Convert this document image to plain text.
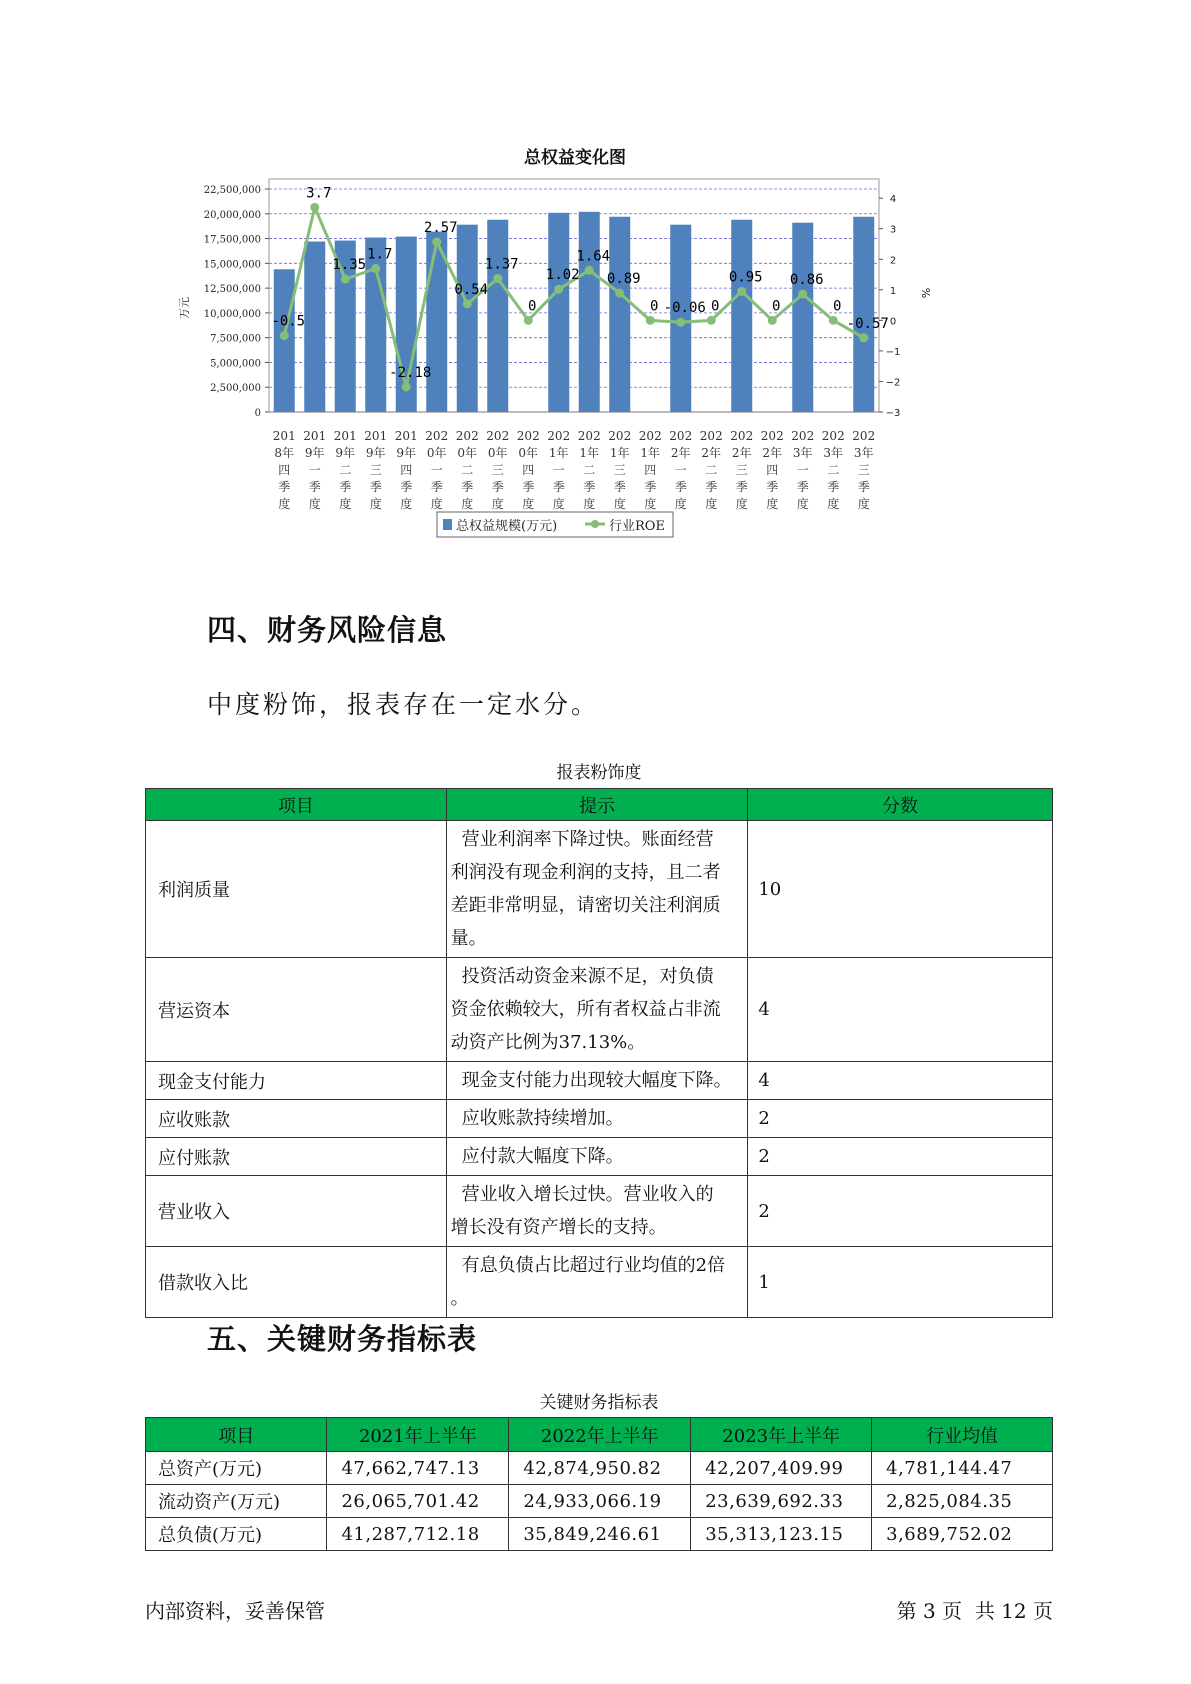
总权益变化图
0
2,500,000
5,000,000
7,500,000
10,000,000
12,500,000
15,000,000
17,500,000
20,000,000
22,500,000
−3
−2
−1
0
1
2
3
4
万元
%
-0.5
3.7
1.35
1.7
-2.18
2.57
0.54
1.37
0
1.02
1.64
0.89
0 -0.06 0
0.95
0
0.86
0
-0.57
201
8年
四
季
度
201
9年
一
季
度
201
9年
二
季
度
201
9年
三
季
度
201
9年
四
季
度
202
0年
一
季
度
202
0年
二
季
度
202
0年
三
季
度
202
0年
四
季
度
202
1年
一
季
度
202
1年
二
季
度
202
1年
三
季
度
202
1年
四
季
度
202
2年
一
季
度
202
2年
二
季
度
202
2年
三
季
度
202
2年
四
季
度
202
3年
一
季
度
202
3年
二
季
度
202
3年
三
季
度
总权益规模(万元)	行业ROE
四、财务风险信息
中度粉饰，报表存在一定水分。
报表粉饰度
项目	提示	分数
利润质量	营业利润率下降过快。账面经营
利润没有现金利润的支持，且二者
差距非常明显，请密切关注利润质
量。	10
营运资本	投资活动资金来源不足，对负债
资金依赖较大，所有者权益占非流
动资产比例为37.13%。	4
现金支付能力	现金支付能力出现较大幅度下降。	4
应收账款	应收账款持续增加。	2
应付账款	应付款大幅度下降。	2
营业收入	营业收入增长过快。营业收入的
增长没有资产增长的支持。	2
借款收入比	有息负债占比超过行业均值的2倍
。	1
五、关键财务指标表
关键财务指标表
项目	2021年上半年	2022年上半年	2023年上半年	行业均值
总资产(万元)	47,662,747.13	42,874,950.82	42,207,409.99	4,781,144.47
流动资产(万元)	26,065,701.42	24,933,066.19	23,639,692.33	2,825,084.35
总负债(万元)	41,287,712.18	35,849,246.61	35,313,123.15	3,689,752.02
内部资料，妥善保管	第 3 页  共 12 页
